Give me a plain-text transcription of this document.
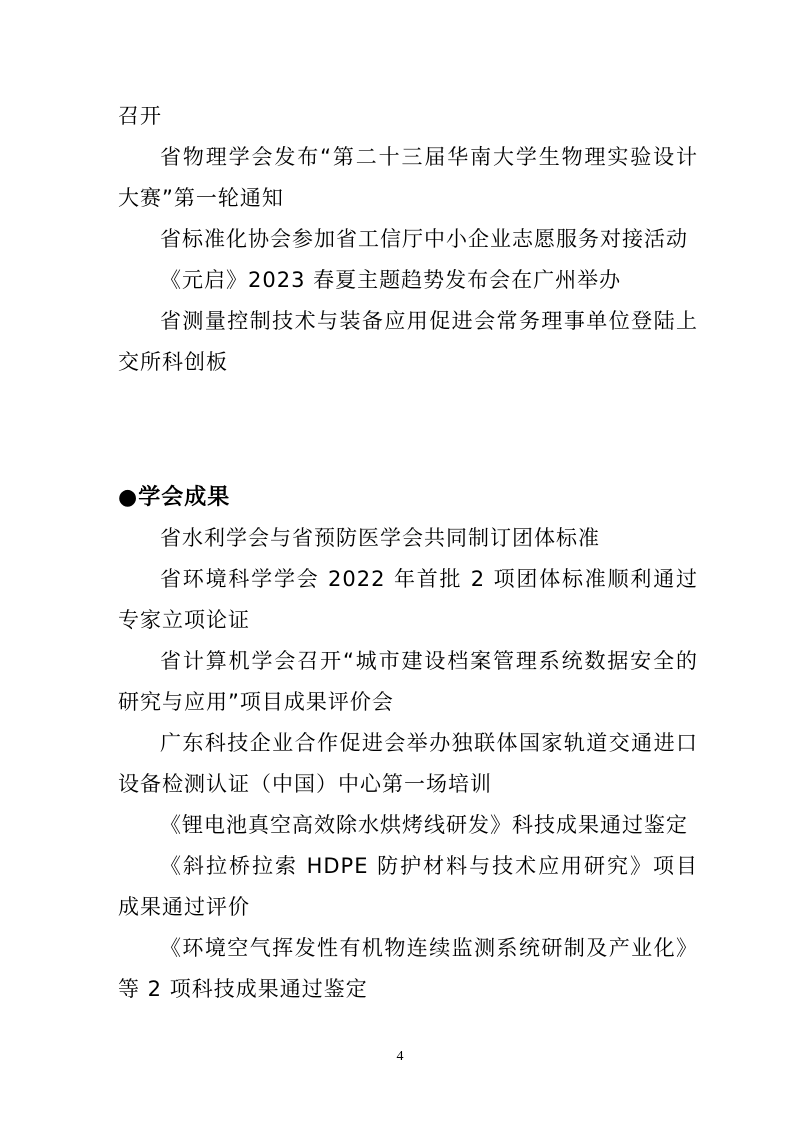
召开

省物理学会发布“第二十三届华南大学生物理实验设计大赛”第一轮通知

省标准化协会参加省工信厅中小企业志愿服务对接活动

《元启》2023 春夏主题趋势发布会在广州举办

省测量控制技术与装备应用促进会常务理事单位登陆上交所科创板

●学会成果

省水利学会与省预防医学会共同制订团体标准

省环境科学学会 2022 年首批 2 项团体标准顺利通过专家立项论证

省计算机学会召开“城市建设档案管理系统数据安全的研究与应用”项目成果评价会

广东科技企业合作促进会举办独联体国家轨道交通进口设备检测认证（中国）中心第一场培训

《锂电池真空高效除水烘烤线研发》科技成果通过鉴定

《斜拉桥拉索 HDPE 防护材料与技术应用研究》项目成果通过评价

《环境空气挥发性有机物连续监测系统研制及产业化》等 2 项科技成果通过鉴定

4
